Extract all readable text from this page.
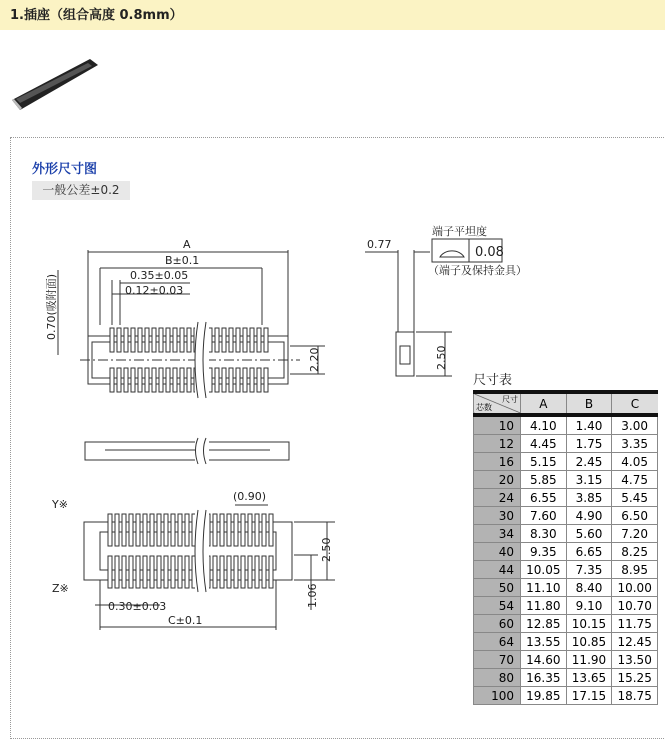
1.插座（组合高度 0.8mm）
外形尺寸图
一般公差±0.2
A
B±0.1
0.35±0.05
0.12±0.03
0.70(吸附面)
2.20
0.77
2.50
端子平坦度
0.08
（端子及保持金具）
Y※
Z※
(0.90)
2.50
1.06
0.30±0.03
C±0.1
尺寸表
尺寸
芯数	A	B	C
10	4.10	1.40	3.00
12	4.45	1.75	3.35
16	5.15	2.45	4.05
20	5.85	3.15	4.75
24	6.55	3.85	5.45
30	7.60	4.90	6.50
34	8.30	5.60	7.20
40	9.35	6.65	8.25
44	10.05	7.35	8.95
50	11.10	8.40	10.00
54	11.80	9.10	10.70
60	12.85	10.15	11.75
64	13.55	10.85	12.45
70	14.60	11.90	13.50
80	16.35	13.65	15.25
100	19.85	17.15	18.75
